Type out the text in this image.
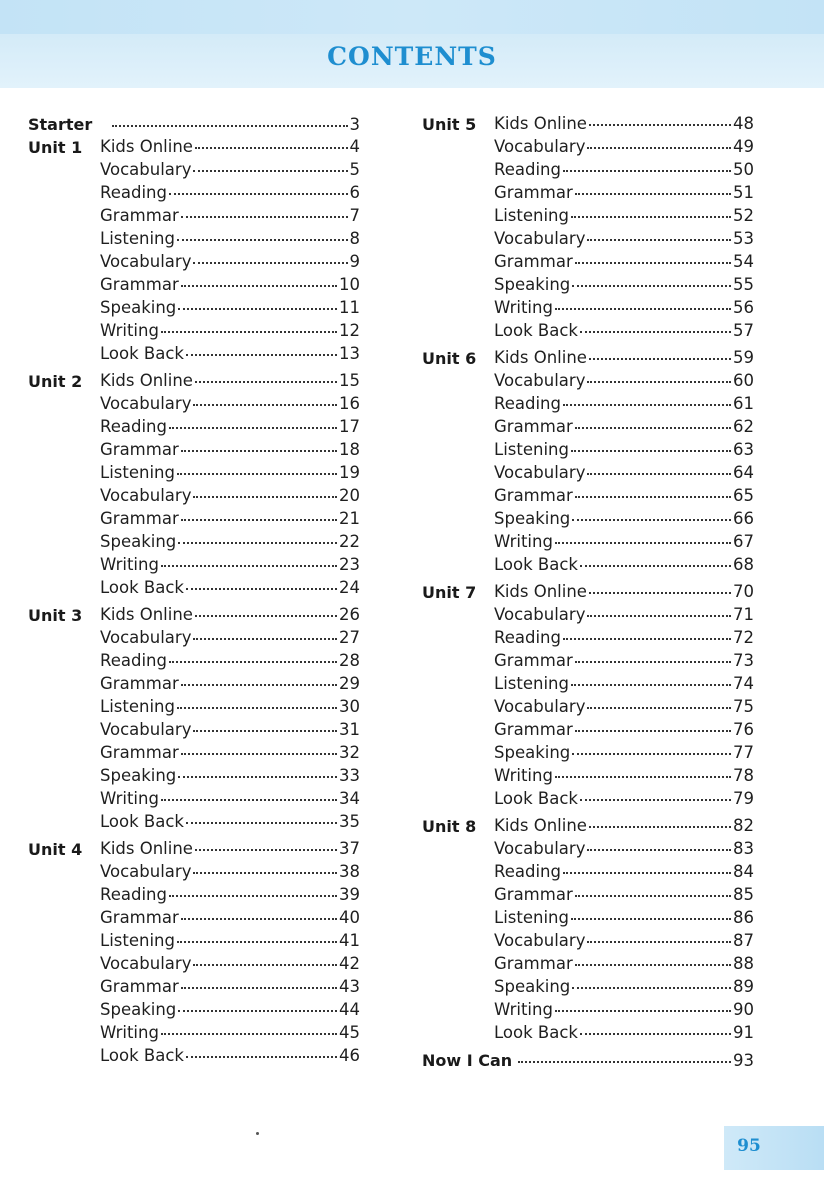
CONTENTS
Starter	3
Unit 1	Kids Online	4
Vocabulary	5
Reading	6
Grammar	7
Listening	8
Vocabulary	9
Grammar	10
Speaking	11
Writing	12
Look Back	13
Unit 2	Kids Online	15
Vocabulary	16
Reading	17
Grammar	18
Listening	19
Vocabulary	20
Grammar	21
Speaking	22
Writing	23
Look Back	24
Unit 3	Kids Online	26
Vocabulary	27
Reading	28
Grammar	29
Listening	30
Vocabulary	31
Grammar	32
Speaking	33
Writing	34
Look Back	35
Unit 4	Kids Online	37
Vocabulary	38
Reading	39
Grammar	40
Listening	41
Vocabulary	42
Grammar	43
Speaking	44
Writing	45
Look Back	46
Unit 5	Kids Online	48
Vocabulary	49
Reading	50
Grammar	51
Listening	52
Vocabulary	53
Grammar	54
Speaking	55
Writing	56
Look Back	57
Unit 6	Kids Online	59
Vocabulary	60
Reading	61
Grammar	62
Listening	63
Vocabulary	64
Grammar	65
Speaking	66
Writing	67
Look Back	68
Unit 7	Kids Online	70
Vocabulary	71
Reading	72
Grammar	73
Listening	74
Vocabulary	75
Grammar	76
Speaking	77
Writing	78
Look Back	79
Unit 8	Kids Online	82
Vocabulary	83
Reading	84
Grammar	85
Listening	86
Vocabulary	87
Grammar	88
Speaking	89
Writing	90
Look Back	91
Now I Can	93
95
